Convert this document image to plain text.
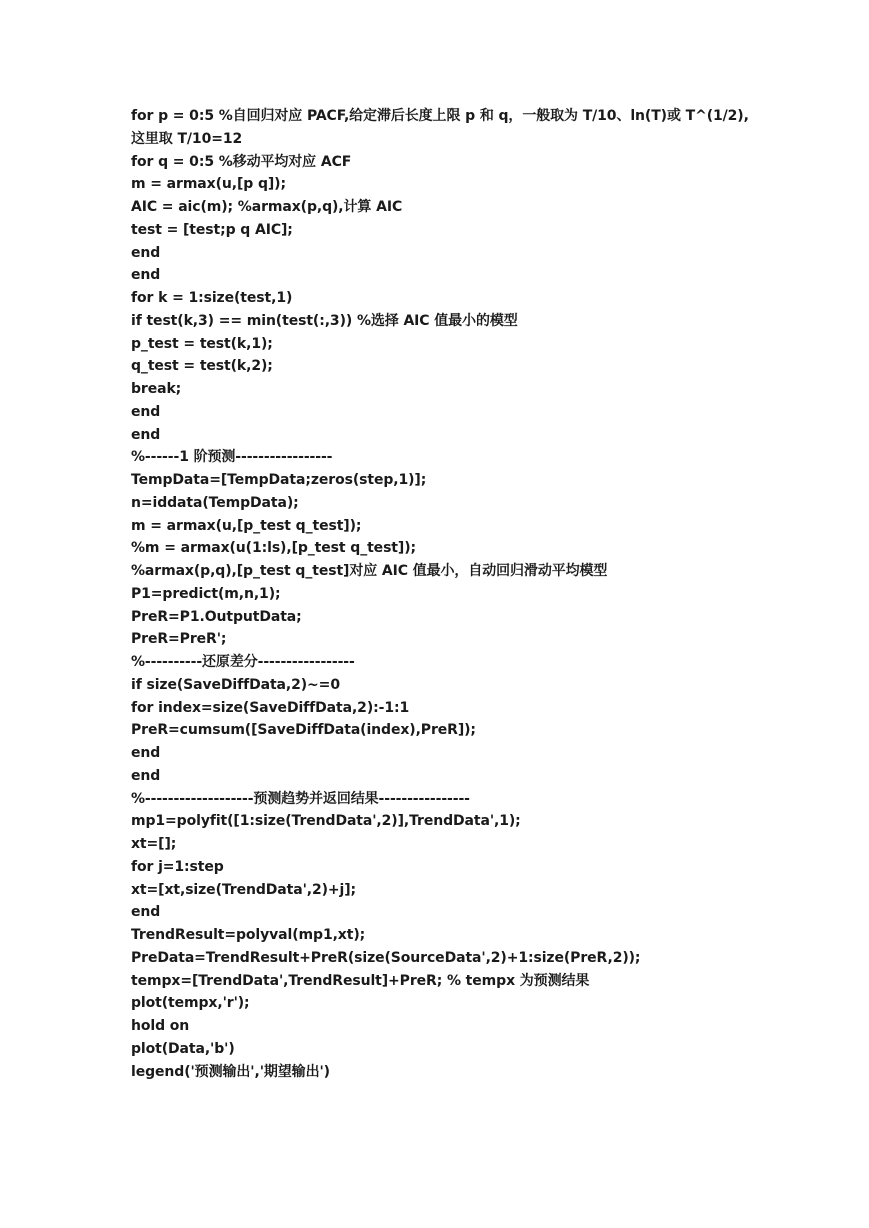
for p = 0:5 %自回归对应 PACF,给定滞后长度上限 p 和 q，一般取为 T/10、ln(T)或 T^(1/2),
这里取 T/10=12
for q = 0:5 %移动平均对应 ACF
m = armax(u,[p q]);
AIC = aic(m); %armax(p,q),计算 AIC
test = [test;p q AIC];
end
end
for k = 1:size(test,1)
if test(k,3) == min(test(:,3)) %选择 AIC 值最小的模型
p_test = test(k,1);
q_test = test(k,2);
break;
end
end
%------1 阶预测-----------------
TempData=[TempData;zeros(step,1)];
n=iddata(TempData);
m = armax(u,[p_test q_test]);
%m = armax(u(1:ls),[p_test q_test]);
%armax(p,q),[p_test q_test]对应 AIC 值最小，自动回归滑动平均模型
P1=predict(m,n,1);
PreR=P1.OutputData;
PreR=PreR';
%----------还原差分-----------------
if size(SaveDiffData,2)~=0
for index=size(SaveDiffData,2):-1:1
PreR=cumsum([SaveDiffData(index),PreR]);
end
end
%-------------------预测趋势并返回结果----------------
mp1=polyfit([1:size(TrendData',2)],TrendData',1);
xt=[];
for j=1:step
xt=[xt,size(TrendData',2)+j];
end
TrendResult=polyval(mp1,xt);
PreData=TrendResult+PreR(size(SourceData',2)+1:size(PreR,2));
tempx=[TrendData',TrendResult]+PreR; % tempx 为预测结果
plot(tempx,'r');
hold on
plot(Data,'b')
legend('预测输出','期望输出')
